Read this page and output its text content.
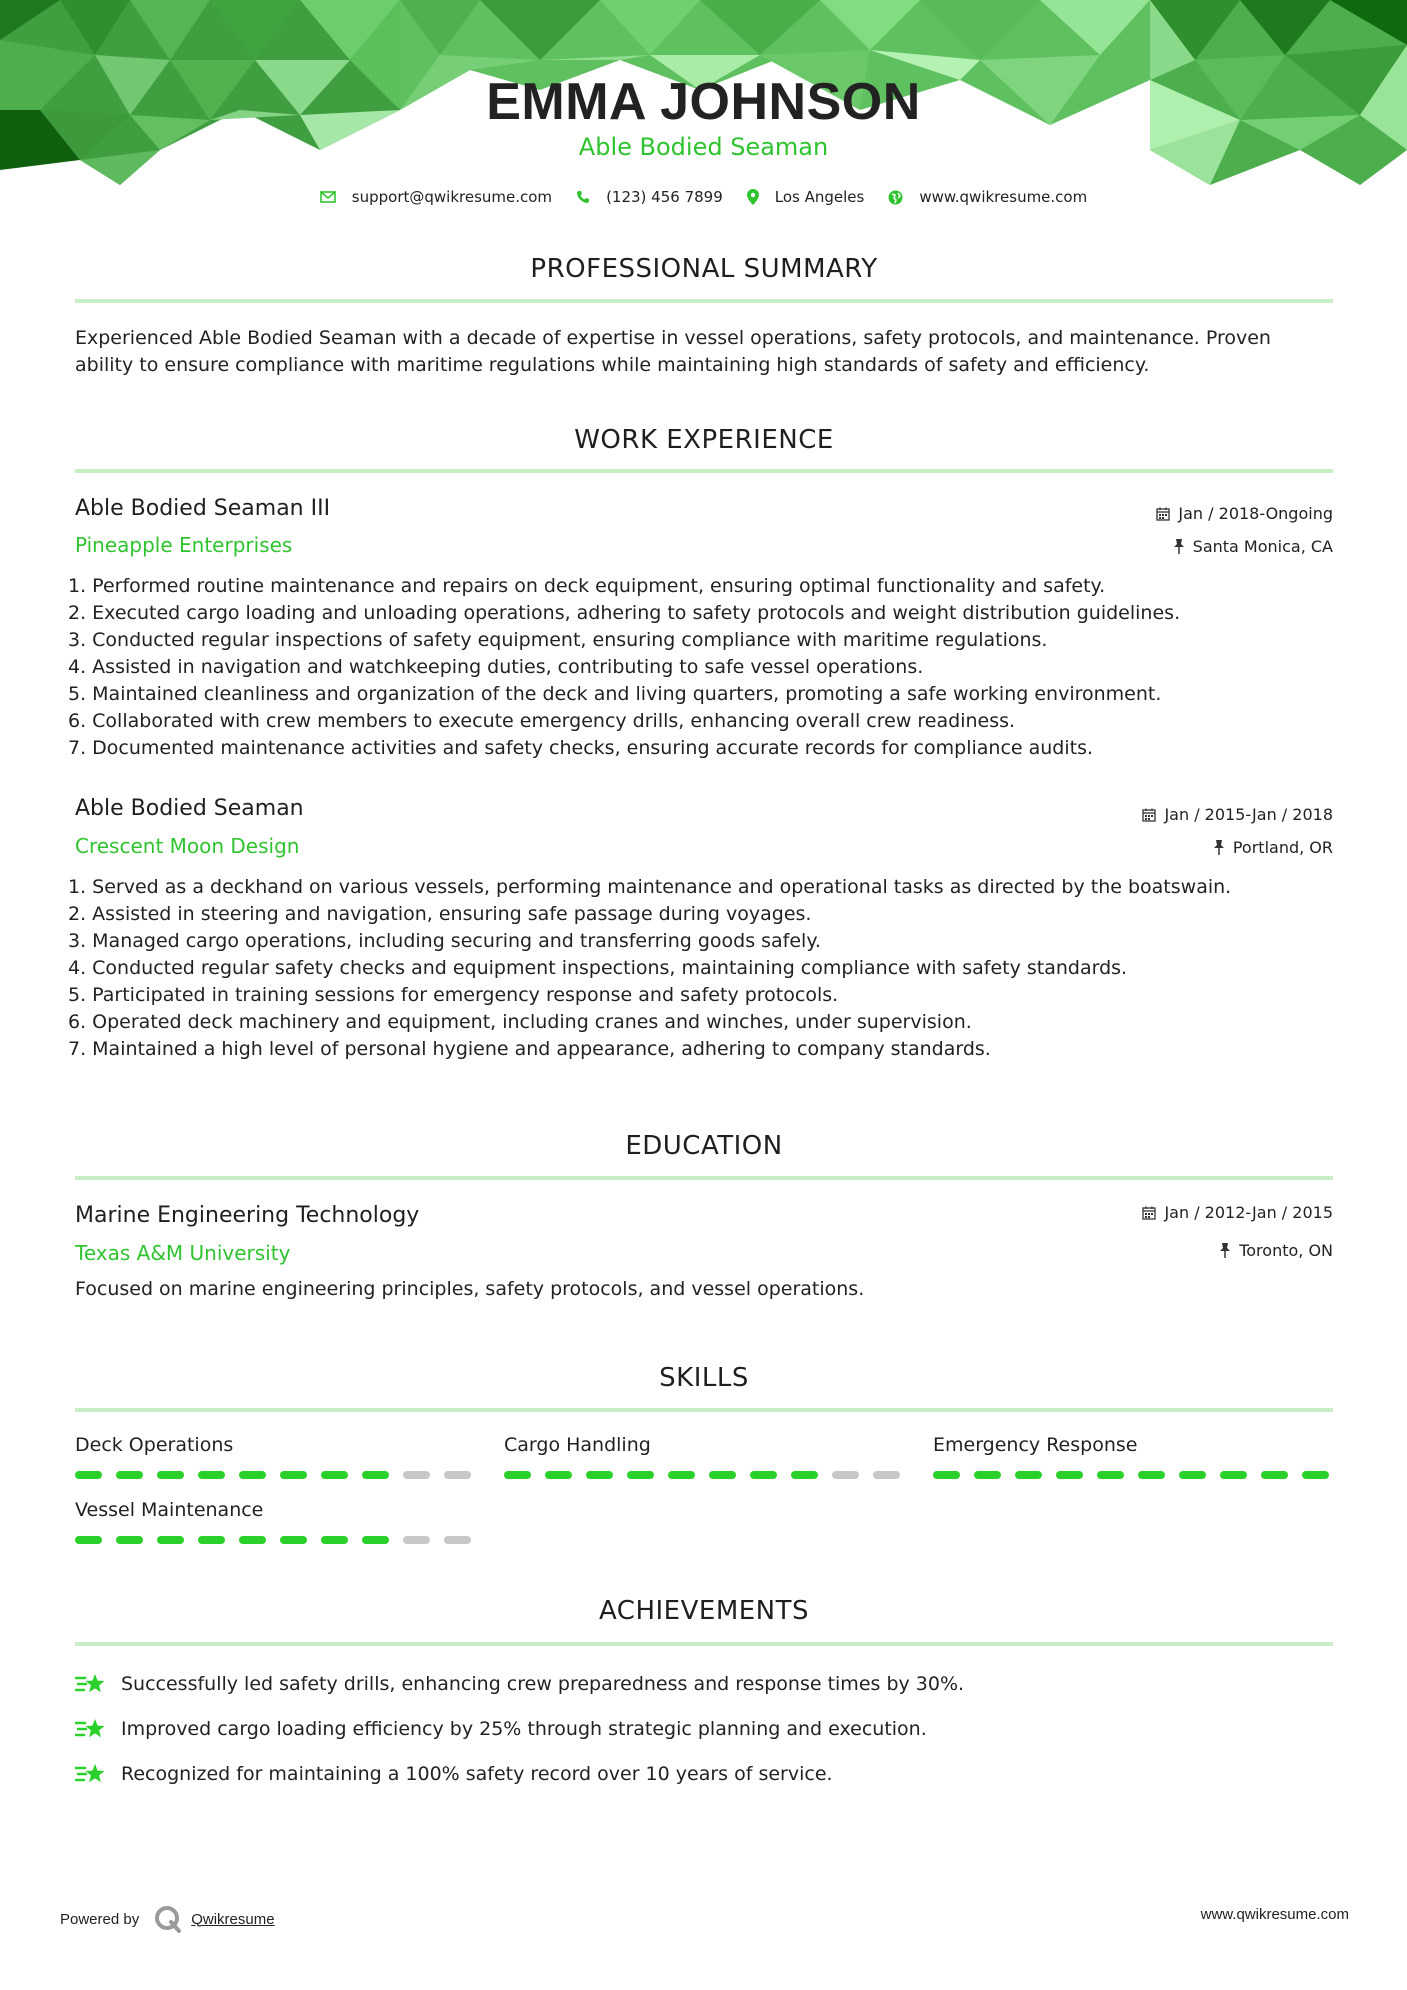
EMMA JOHNSON
Able Bodied Seaman
support@qwikresume.com	(123) 456 7899	Los Angeles	www.qwikresume.com
PROFESSIONAL SUMMARY
Experienced Able Bodied Seaman with a decade of expertise in vessel operations, safety protocols, and maintenance. Proven ability to ensure compliance with maritime regulations while maintaining high standards of safety and efficiency.
WORK EXPERIENCE
Able Bodied Seaman III
Pineapple Enterprises
Jan / 2018-Ongoing
Santa Monica, CA
1. Performed routine maintenance and repairs on deck equipment, ensuring optimal functionality and safety.
2. Executed cargo loading and unloading operations, adhering to safety protocols and weight distribution guidelines.
3. Conducted regular inspections of safety equipment, ensuring compliance with maritime regulations.
4. Assisted in navigation and watchkeeping duties, contributing to safe vessel operations.
5. Maintained cleanliness and organization of the deck and living quarters, promoting a safe working environment.
6. Collaborated with crew members to execute emergency drills, enhancing overall crew readiness.
7. Documented maintenance activities and safety checks, ensuring accurate records for compliance audits.
Able Bodied Seaman
Crescent Moon Design
Jan / 2015-Jan / 2018
Portland, OR
1. Served as a deckhand on various vessels, performing maintenance and operational tasks as directed by the boatswain.
2. Assisted in steering and navigation, ensuring safe passage during voyages.
3. Managed cargo operations, including securing and transferring goods safely.
4. Conducted regular safety checks and equipment inspections, maintaining compliance with safety standards.
5. Participated in training sessions for emergency response and safety protocols.
6. Operated deck machinery and equipment, including cranes and winches, under supervision.
7. Maintained a high level of personal hygiene and appearance, adhering to company standards.
EDUCATION
Marine Engineering Technology
Texas A&M University
Jan / 2012-Jan / 2015
Toronto, ON
Focused on marine engineering principles, safety protocols, and vessel operations.
SKILLS
Deck Operations	Cargo Handling	Emergency Response
Vessel Maintenance
ACHIEVEMENTS
Successfully led safety drills, enhancing crew preparedness and response times by 30%.
Improved cargo loading efficiency by 25% through strategic planning and execution.
Recognized for maintaining a 100% safety record over 10 years of service.
Powered by	Qwikresume	www.qwikresume.com
